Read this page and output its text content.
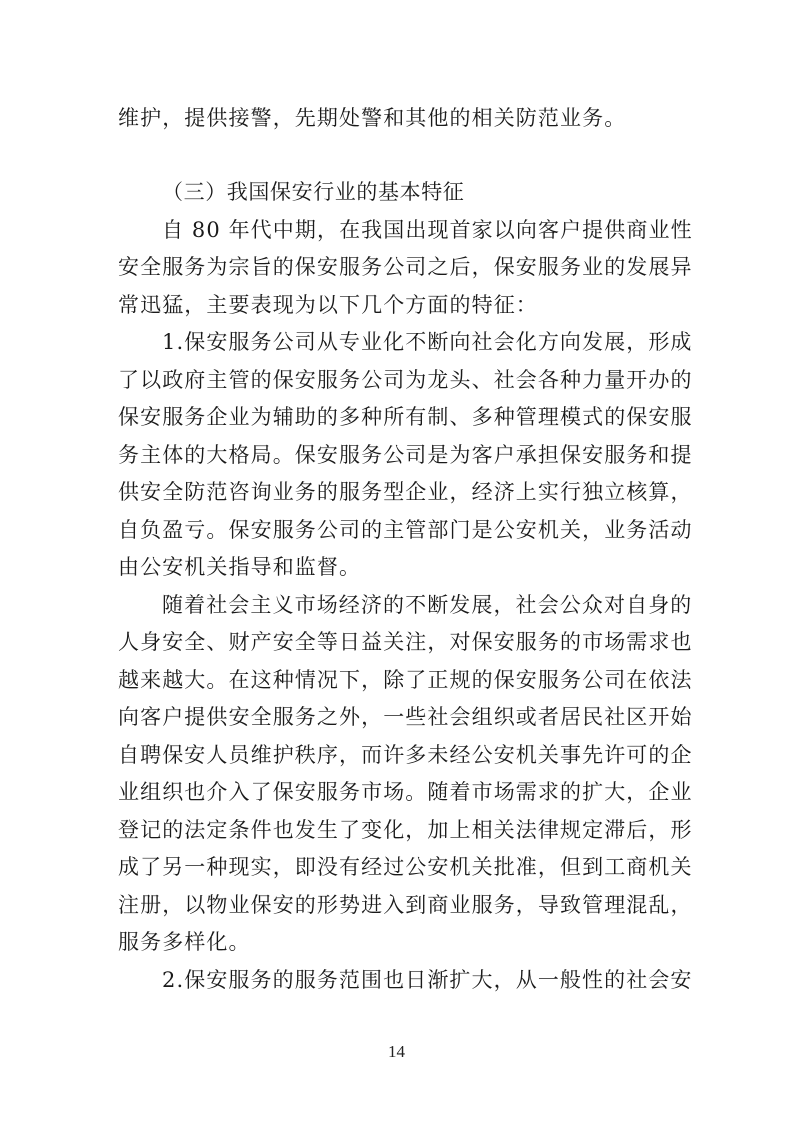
维护，提供接警，先期处警和其他的相关防范业务。
（三）我国保安行业的基本特征
自 80 年代中期，在我国出现首家以向客户提供商业性
安全服务为宗旨的保安服务公司之后，保安服务业的发展异
常迅猛，主要表现为以下几个方面的特征：
1.保安服务公司从专业化不断向社会化方向发展，形成
了以政府主管的保安服务公司为龙头、社会各种力量开办的
保安服务企业为辅助的多种所有制、多种管理模式的保安服
务主体的大格局。保安服务公司是为客户承担保安服务和提
供安全防范咨询业务的服务型企业，经济上实行独立核算，
自负盈亏。保安服务公司的主管部门是公安机关，业务活动
由公安机关指导和监督。
随着社会主义市场经济的不断发展，社会公众对自身的
人身安全、财产安全等日益关注，对保安服务的市场需求也
越来越大。在这种情况下，除了正规的保安服务公司在依法
向客户提供安全服务之外，一些社会组织或者居民社区开始
自聘保安人员维护秩序，而许多未经公安机关事先许可的企
业组织也介入了保安服务市场。随着市场需求的扩大，企业
登记的法定条件也发生了变化，加上相关法律规定滞后，形
成了另一种现实，即没有经过公安机关批准，但到工商机关
注册，以物业保安的形势进入到商业服务，导致管理混乱，
服务多样化。
2.保安服务的服务范围也日渐扩大，从一般性的社会安
14
